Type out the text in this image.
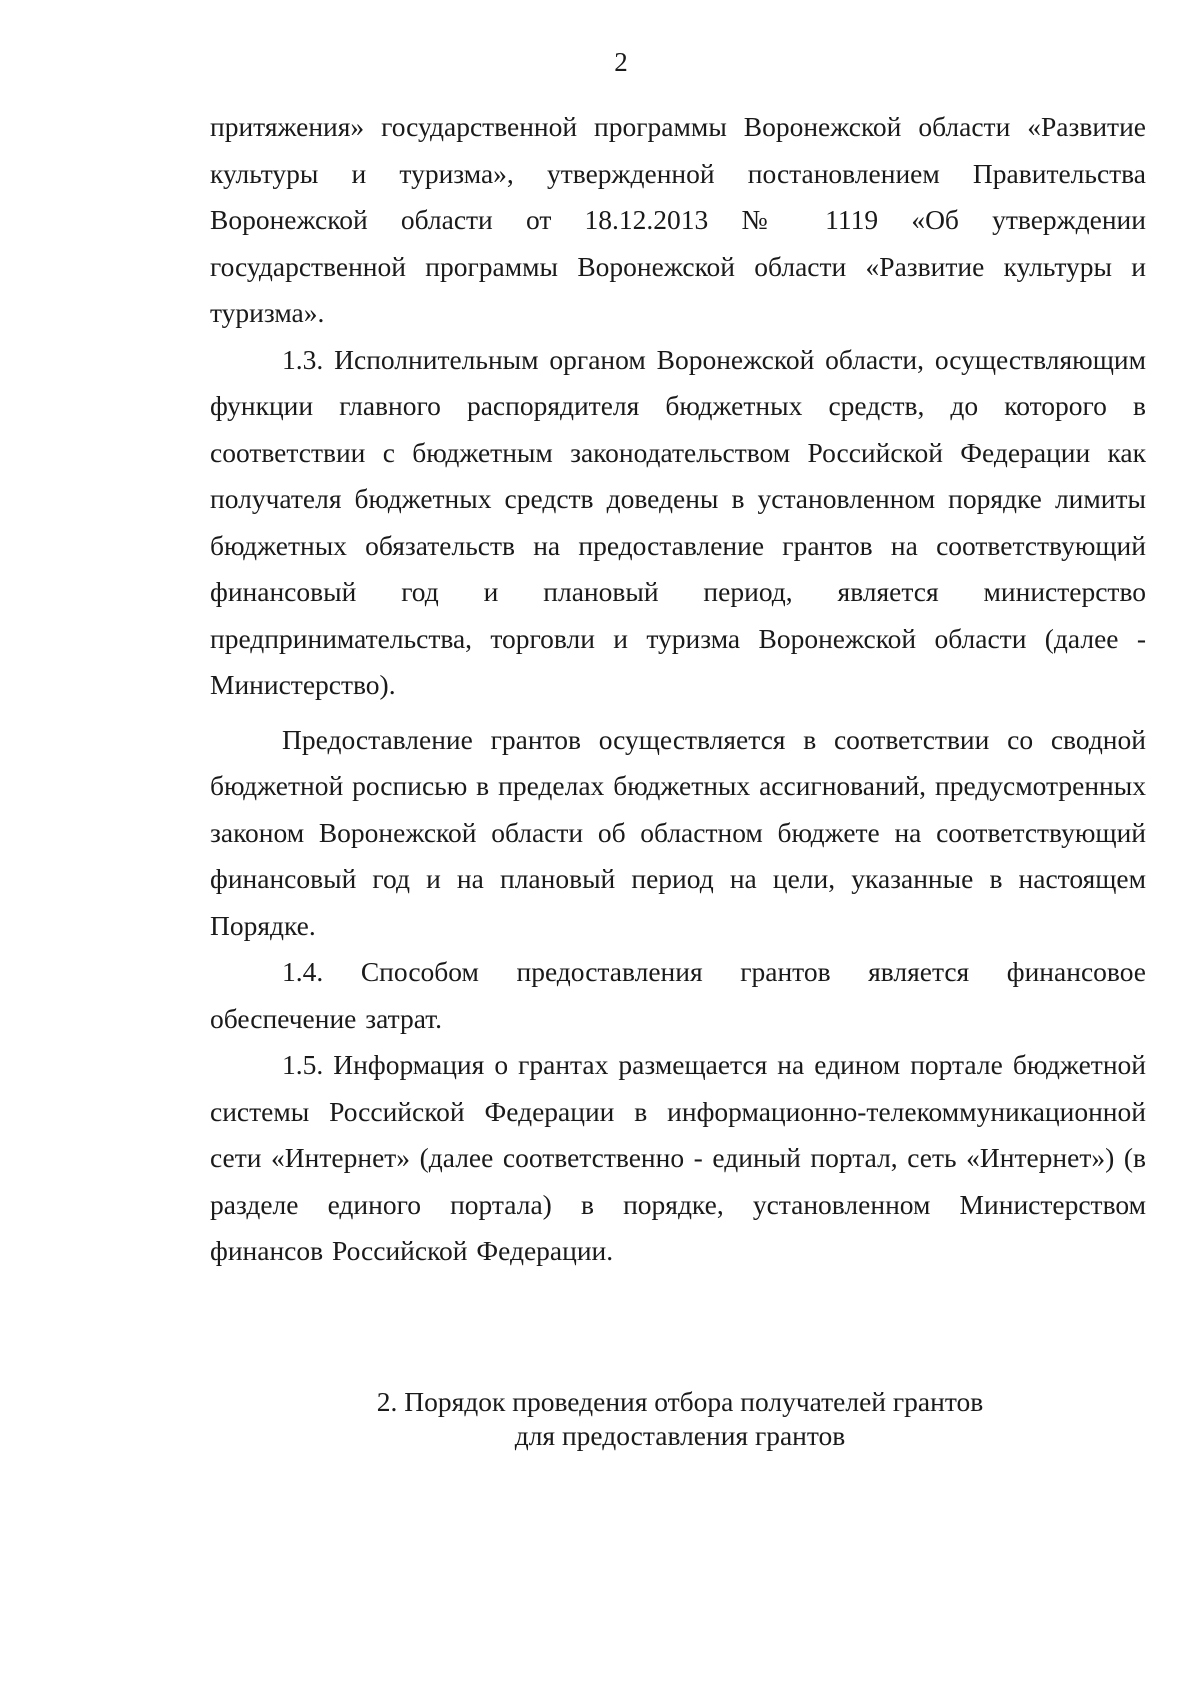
2

притяжения» государственной программы Воронежской области «Развитие культуры и туризма», утвержденной постановлением Правительства Воронежской области от 18.12.2013 № 1119 «Об утверждении государственной программы Воронежской области «Развитие культуры и туризма».

1.3. Исполнительным органом Воронежской области, осуществляющим функции главного распорядителя бюджетных средств, до которого в соответствии с бюджетным законодательством Российской Федерации как получателя бюджетных средств доведены в установленном порядке лимиты бюджетных обязательств на предоставление грантов на соответствующий финансовый год и плановый период, является министерство предпринимательства, торговли и туризма Воронежской области (далее - Министерство).

Предоставление грантов осуществляется в соответствии со сводной бюджетной росписью в пределах бюджетных ассигнований, предусмотренных законом Воронежской области об областном бюджете на соответствующий финансовый год и на плановый период на цели, указанные в настоящем Порядке.

1.4. Способом предоставления грантов является финансовое обеспечение затрат.

1.5. Информация о грантах размещается на едином портале бюджетной системы Российской Федерации в информационно-телекоммуникационной сети «Интернет» (далее соответственно - единый портал, сеть «Интернет») (в разделе единого портала) в порядке, установленном Министерством финансов Российской Федерации.

2. Порядок проведения отбора получателей грантов
для предоставления грантов
